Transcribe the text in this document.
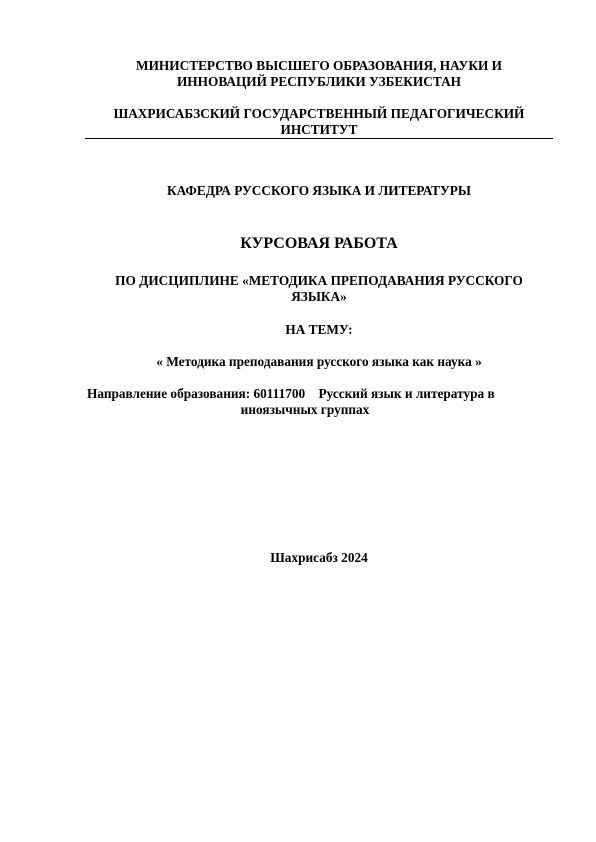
МИНИСТЕРСТВО ВЫСШЕГО ОБРАЗОВАНИЯ, НАУКИ И
ИННОВАЦИЙ РЕСПУБЛИКИ УЗБЕКИСТАН
ШАХРИСАБЗСКИЙ ГОСУДАРСТВЕННЫЙ ПЕДАГОГИЧЕСКИЙ
ИНСТИТУТ
КАФЕДРА РУССКОГО ЯЗЫКА И ЛИТЕРАТУРЫ
КУРСОВАЯ РАБОТА
ПО ДИСЦИПЛИНЕ «МЕТОДИКА ПРЕПОДАВАНИЯ РУССКОГО
ЯЗЫКА»
НА ТЕМУ:
« Методика преподавания русского языка как наука »
Направление образования: 60111700    Русский язык и литература в
иноязычных группах
Шахрисабз 2024
